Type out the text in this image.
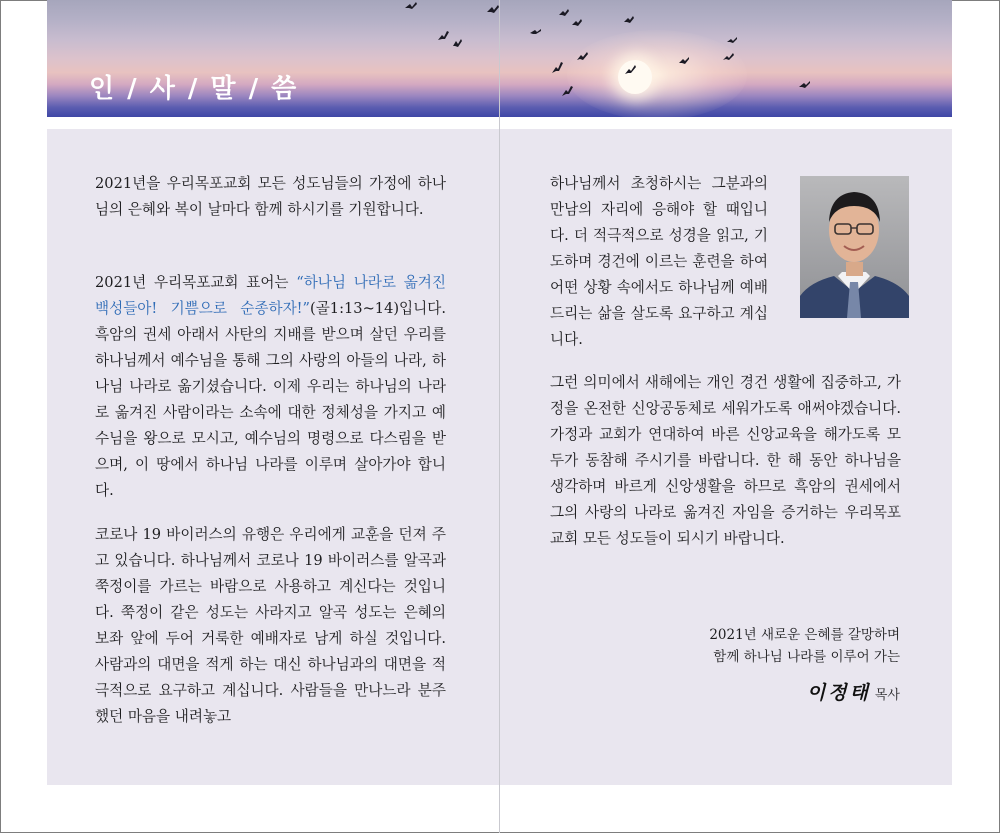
인 / 사 / 말 / 씀

2021년을 우리목포교회 모든 성도님들의 가정에 하나님의 은혜와 복이 날마다 함께 하시기를 기원합니다.

2021년 우리목포교회 표어는 “하나님 나라로 옮겨진 백성들아! 기쁨으로 순종하자!”(골1:13~14)입니다. 흑암의 권세 아래서 사탄의 지배를 받으며 살던 우리를 하나님께서 예수님을 통해 그의 사랑의 아들의 나라, 하나님 나라로 옮기셨습니다. 이제 우리는 하나님의 나라로 옮겨진 사람이라는 소속에 대한 정체성을 가지고 예수님을 왕으로 모시고, 예수님의 명령으로 다스림을 받으며, 이 땅에서 하나님 나라를 이루며 살아가야 합니다.

코로나 19 바이러스의 유행은 우리에게 교훈을 던져 주고 있습니다. 하나님께서 코로나 19 바이러스를 알곡과 쭉정이를 가르는 바람으로 사용하고 계신다는 것입니다. 쭉정이 같은 성도는 사라지고 알곡 성도는 은혜의 보좌 앞에 두어 거룩한 예배자로 남게 하실 것입니다. 사람과의 대면을 적게 하는 대신 하나님과의 대면을 적극적으로 요구하고 계십니다. 사람들을 만나느라 분주했던 마음을 내려놓고

하나님께서 초청하시는 그분과의 만남의 자리에 응해야 할 때입니다. 더 적극적으로 성경을 읽고, 기도하며 경건에 이르는 훈련을 하여 어떤 상황 속에서도 하나님께 예배드리는 삶을 살도록 요구하고 계십니다.

그런 의미에서 새해에는 개인 경건 생활에 집중하고, 가정을 온전한 신앙공동체로 세워가도록 애써야겠습니다. 가정과 교회가 연대하여 바른 신앙교육을 해가도록 모두가 동참해 주시기를 바랍니다. 한 해 동안 하나님을 생각하며 바르게 신앙생활을 하므로 흑암의 권세에서 그의 사랑의 나라로 옮겨진 자임을 증거하는 우리목포교회 모든 성도들이 되시기 바랍니다.

2021년 새로운 은혜를 갈망하며
함께 하나님 나라를 이루어 가는

이정태 목사
